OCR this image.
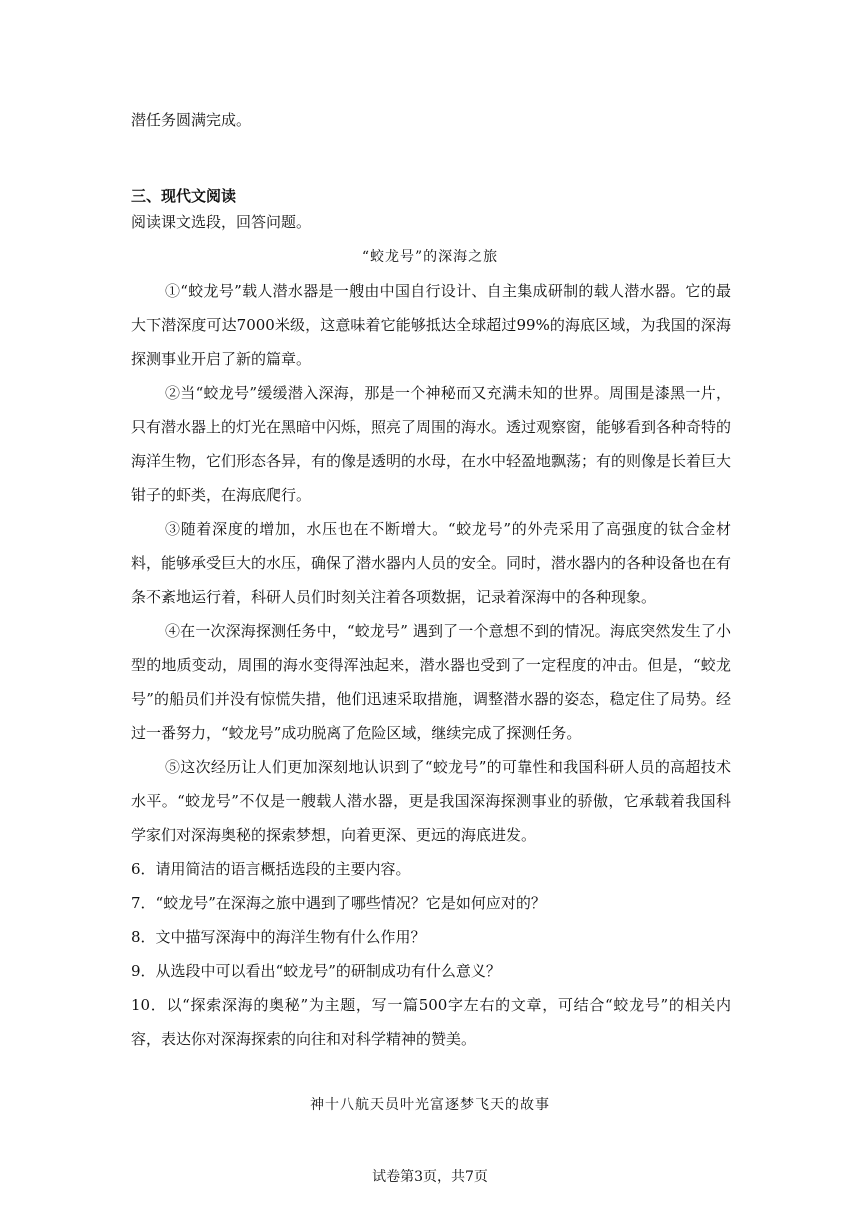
潜任务圆满完成。
三、现代文阅读
阅读课文选段，回答问题。
“蛟龙号”的深海之旅
①“蛟龙号”载人潜水器是一艘由中国自行设计、自主集成研制的载人潜水器。它的最大下潜深度可达7000米级，这意味着它能够抵达全球超过99%的海底区域，为我国的深海探测事业开启了新的篇章。
②当“蛟龙号”缓缓潜入深海，那是一个神秘而又充满未知的世界。周围是漆黑一片，只有潜水器上的灯光在黑暗中闪烁，照亮了周围的海水。透过观察窗，能够看到各种奇特的海洋生物，它们形态各异，有的像是透明的水母，在水中轻盈地飘荡；有的则像是长着巨大钳子的虾类，在海底爬行。
③随着深度的增加，水压也在不断增大。“蛟龙号”的外壳采用了高强度的钛合金材料，能够承受巨大的水压，确保了潜水器内人员的安全。同时，潜水器内的各种设备也在有条不紊地运行着，科研人员们时刻关注着各项数据，记录着深海中的各种现象。
④在一次深海探测任务中，“蛟龙号” 遇到了一个意想不到的情况。海底突然发生了小型的地质变动，周围的海水变得浑浊起来，潜水器也受到了一定程度的冲击。但是，“蛟龙号”的船员们并没有惊慌失措，他们迅速采取措施，调整潜水器的姿态，稳定住了局势。经过一番努力，“蛟龙号”成功脱离了危险区域，继续完成了探测任务。
⑤这次经历让人们更加深刻地认识到了“蛟龙号”的可靠性和我国科研人员的高超技术水平。“蛟龙号”不仅是一艘载人潜水器，更是我国深海探测事业的骄傲，它承载着我国科学家们对深海奥秘的探索梦想，向着更深、更远的海底进发。
6．请用简洁的语言概括选段的主要内容。
7．“蛟龙号”在深海之旅中遇到了哪些情况？它是如何应对的？
8．文中描写深海中的海洋生物有什么作用？
9．从选段中可以看出“蛟龙号”的研制成功有什么意义？
10．以“探索深海的奥秘”为主题，写一篇500字左右的文章，可结合“蛟龙号”的相关内容，表达你对深海探索的向往和对科学精神的赞美。
神十八航天员叶光富逐梦飞天的故事
试卷第3页，共7页
